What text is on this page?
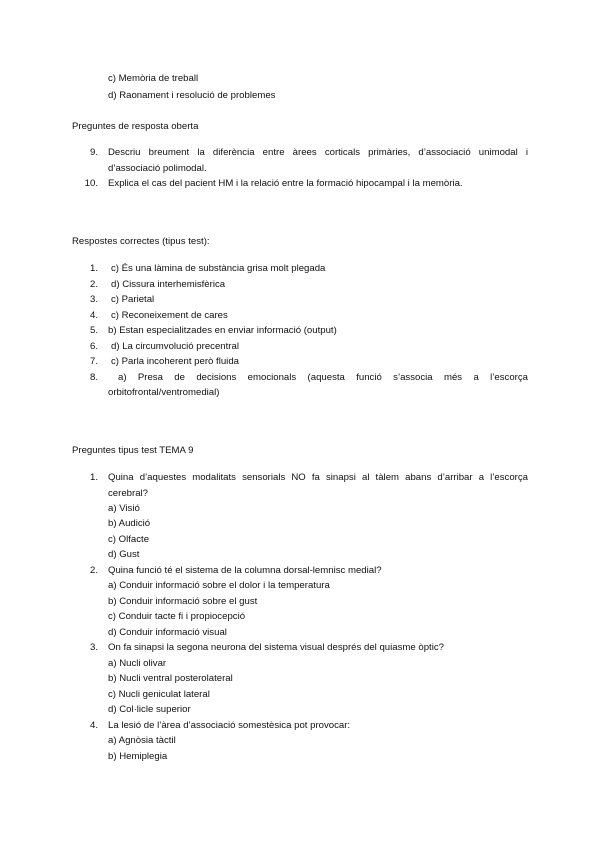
c) Memòria de treball
d) Raonament i resolució de problemes
Preguntes de resposta oberta
9. Descriu breument la diferència entre àrees corticals primàries, d’associació unimodal i
d’associació polimodal.
10. Explica el cas del pacient HM i la relació entre la formació hipocampal i la memòria.
Respostes correctes (tipus test):
1. c) És una làmina de substància grisa molt plegada
2. d) Cissura interhemisfèrica
3. c) Parietal
4. c) Reconeixement de cares
5. b) Estan especialitzades en enviar informació (output)
6. d) La circumvolució precentral
7. c) Parla incoherent però fluida
8. a) Presa de decisions emocionals (aquesta funció s’associa més a l’escorça
orbitofrontal/ventromedial)
Preguntes tipus test TEMA 9
1. Quina d’aquestes modalitats sensorials NO fa sinapsi al tàlem abans d’arribar a l’escorça
cerebral?
a) Visió
b) Audició
c) Olfacte
d) Gust
2. Quina funció té el sistema de la columna dorsal-lemnisc medial?
a) Conduir informació sobre el dolor i la temperatura
b) Conduir informació sobre el gust
c) Conduir tacte fi i propiocepció
d) Conduir informació visual
3. On fa sinapsi la segona neurona del sistema visual després del quiasme òptic?
a) Nucli olivar
b) Nucli ventral posterolateral
c) Nucli geniculat lateral
d) Col·licle superior
4. La lesió de l’àrea d’associació somestèsica pot provocar:
a) Agnòsia tàctil
b) Hemiplegia
